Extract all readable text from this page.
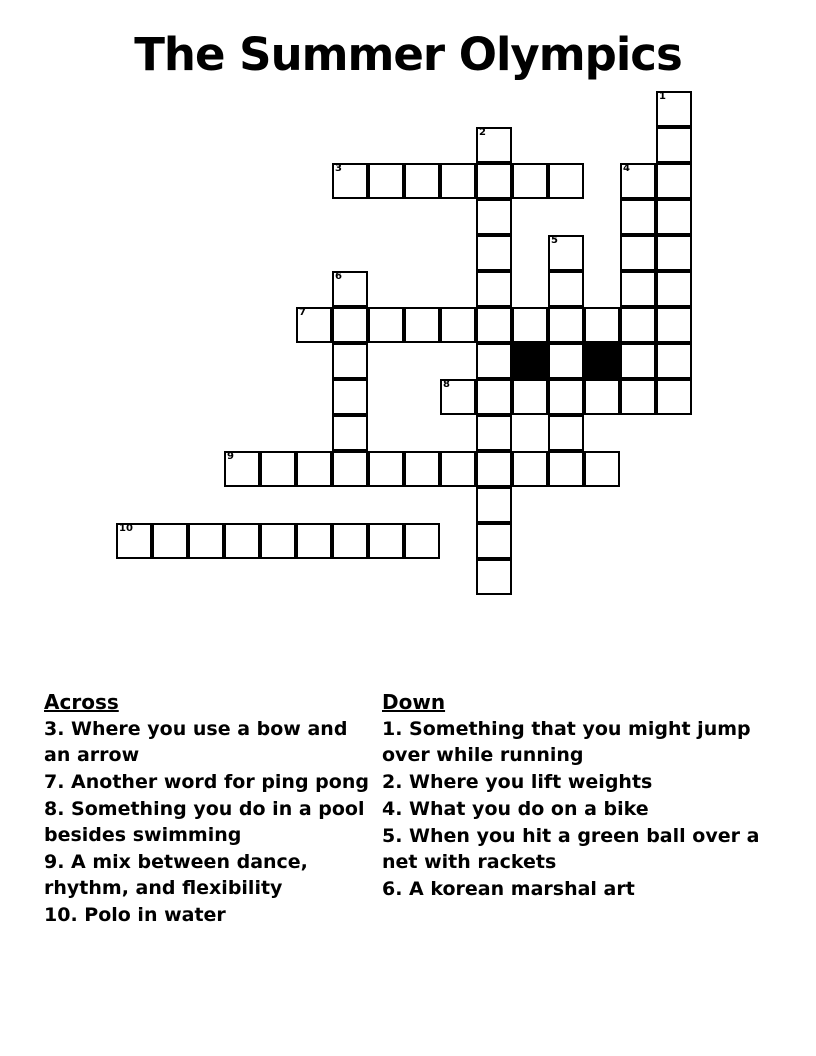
The Summer Olympics
1
2
3	4
5
6
7
8
9
10
Across
3. Where you use a bow and an arrow
7. Another word for ping pong
8. Something you do in a pool besides swimming
9. A mix between dance, rhythm, and flexibility
10. Polo in water
Down
1. Something that you might jump over while running
2. Where you lift weights
4. What you do on a bike
5. When you hit a green ball over a net with rackets
6. A korean marshal art
